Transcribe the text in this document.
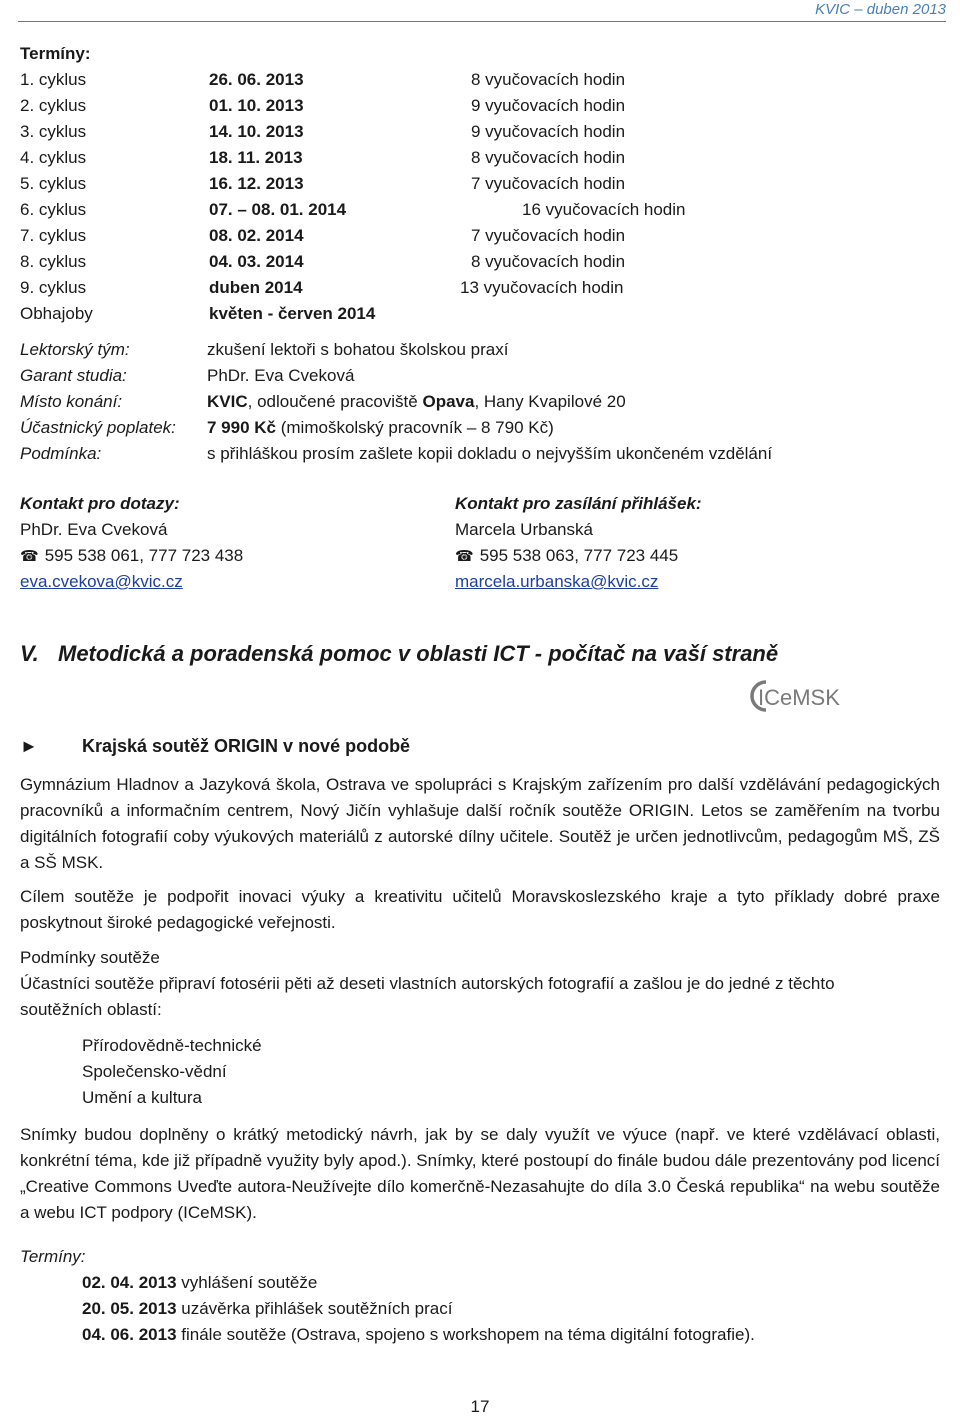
KVIC – duben 2013
Termíny:
1. cyklus	26. 06. 2013	8 vyučovacích hodin
2. cyklus	01. 10. 2013	9 vyučovacích hodin
3. cyklus	14. 10. 2013	9 vyučovacích hodin
4. cyklus	18. 11. 2013	8 vyučovacích hodin
5. cyklus	16. 12. 2013	7 vyučovacích hodin
6. cyklus	07. – 08. 01. 2014	16 vyučovacích hodin
7. cyklus	08. 02. 2014	7 vyučovacích hodin
8. cyklus	04. 03. 2014	8 vyučovacích hodin
9. cyklus	duben 2014	13 vyučovacích hodin
Obhajoby	květen - červen 2014
Lektorský tým:	zkušení lektoři s bohatou školskou praxí
Garant studia:	PhDr. Eva Cveková
Místo konání:	KVIC, odloučené pracoviště Opava, Hany Kvapilové 20
Účastnický poplatek: 7 990 Kč (mimoškolský pracovník – 8 790 Kč)
Podmínka:	s přihláškou prosím zašlete kopii dokladu o nejvyšším ukončeném vzdělání
Kontakt pro dotazy:
PhDr. Eva Cveková
☎ 595 538 061, 777 723 438
eva.cvekova@kvic.cz
Kontakt pro zasílání přihlášek:
Marcela Urbanská
☎ 595 538 063, 777 723 445
marcela.urbanska@kvic.cz
V. Metodická a poradenská pomoc v oblasti ICT - počítač na vaší straně
ICeMSK
► Krajská soutěž ORIGIN v nové podobě
Gymnázium Hladnov a Jazyková škola, Ostrava ve spolupráci s Krajským zařízením pro další vzdělávání pedagogických pracovníků a informačním centrem, Nový Jičín vyhlašuje další ročník soutěže ORIGIN. Letos se zaměřením na tvorbu digitálních fotografií coby výukových materiálů z autorské dílny učitele. Soutěž je určen jednotlivcům, pedagogům MŠ, ZŠ a SŠ MSK.
Cílem soutěže je podpořit inovaci výuky a kreativitu učitelů Moravskoslezského kraje a tyto příklady dobré praxe poskytnout široké pedagogické veřejnosti.
Podmínky soutěže
Účastníci soutěže připraví fotosérii pěti až deseti vlastních autorských fotografií a zašlou je do jedné z těchto soutěžních oblastí:
Přírodovědně-technické
Společensko-vědní
Umění a kultura
Snímky budou doplněny o krátký metodický návrh, jak by se daly využít ve výuce (např. ve které vzdělávací oblasti, konkrétní téma, kde již případně využity byly apod.). Snímky, které postoupí do finále budou dále prezentovány pod licencí „Creative Commons Uveďte autora-Neužívejte dílo komerčně-Nezasahujte do díla 3.0 Česká republika“ na webu soutěže a webu ICT podpory (ICeMSK).
Termíny:
02. 04. 2013 vyhlášení soutěže
20. 05. 2013 uzávěrka přihlášek soutěžních prací
04. 06. 2013 finále soutěže (Ostrava, spojeno s workshopem na téma digitální fotografie).
17
